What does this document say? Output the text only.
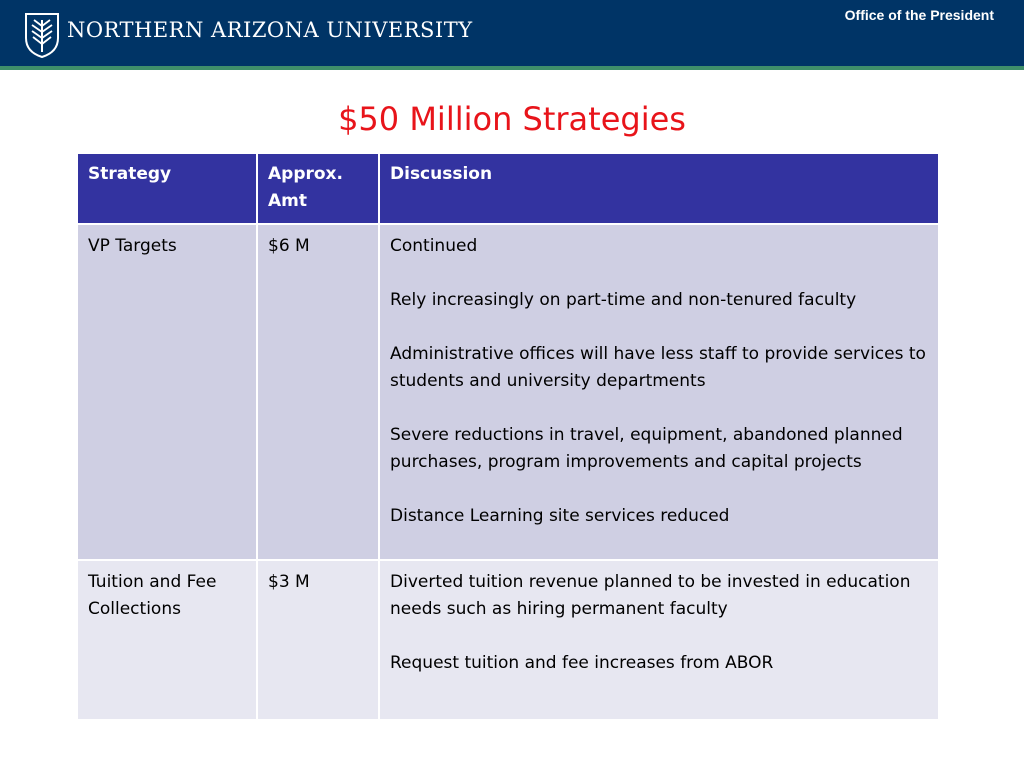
NORTHERN ARIZONA UNIVERSITY
Office of the President
$50 Million Strategies
Strategy	Approx. Amt	Discussion
VP Targets	$6 M	Continued

Rely increasingly on part-time and non-tenured faculty

Administrative offices will have less staff to provide services to students and university departments

Severe reductions in travel, equipment, abandoned planned purchases, program improvements and capital projects

Distance Learning site services reduced

Tuition and Fee Collections	$3 M	Diverted tuition revenue planned to be invested in education needs such as hiring permanent faculty

Request tuition and fee increases from ABOR
